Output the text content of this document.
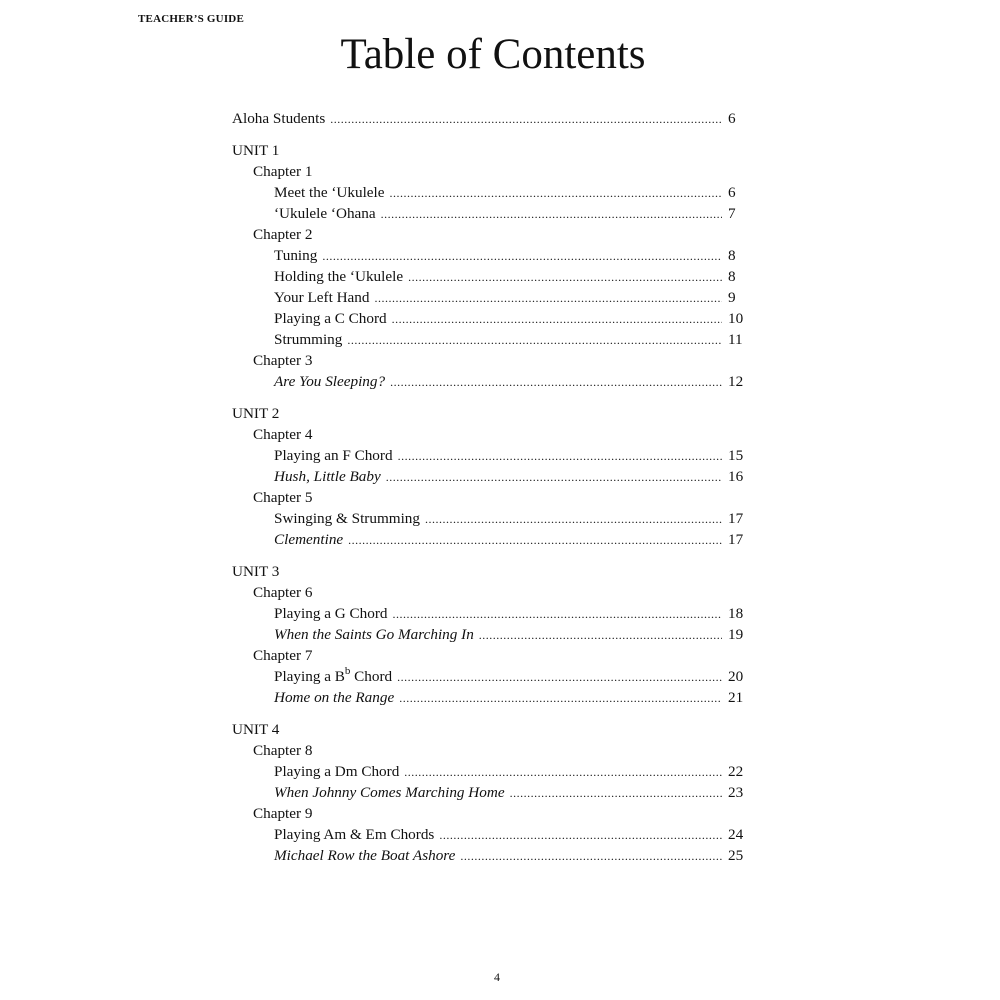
TEACHER’S GUIDE
Table of Contents
Aloha Students .....	6
UNIT 1
Chapter 1
Meet the ‘Ukulele .....	6
‘Ukulele ‘Ohana .....	7
Chapter 2
Tuning .....	8
Holding the ‘Ukulele .....	8
Your Left Hand .....	9
Playing a C Chord .....	10
Strumming .....	11
Chapter 3
Are You Sleeping? .....	12
UNIT 2
Chapter 4
Playing an F Chord .....	15
Hush, Little Baby .....	16
Chapter 5
Swinging & Strumming .....	17
Clementine .....	17
UNIT 3
Chapter 6
Playing a G Chord .....	18
When the Saints Go Marching In .....	19
Chapter 7
Playing a $B^b$ Chord .....	20
Home on the Range .....	21
UNIT 4
Chapter 8
Playing a Dm Chord .....	22
When Johnny Comes Marching Home .....	23
Chapter 9
Playing Am & Em Chords .....	24
Michael Row the Boat Ashore .....	25
4
